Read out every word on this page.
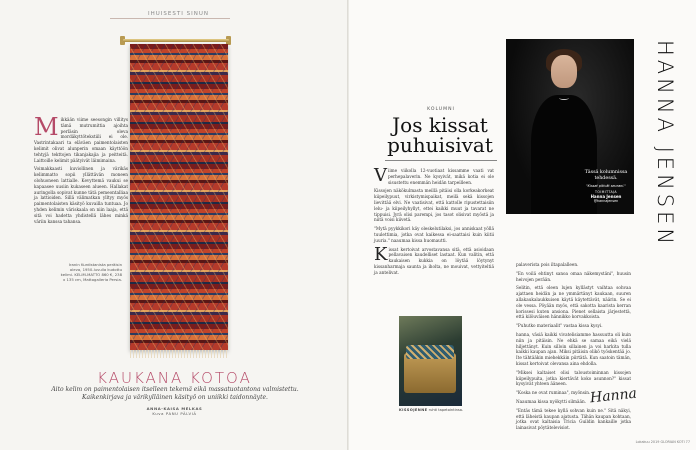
IHUISESTI SINUN

Mikkään viime seesongin villitys tämä mutrumittia ajoihta perläsin oleva mordäkyttötekstiili ei ole. Vastrintakaari ta eläväen paimentolaisten kelimit olivat alunperin omaan käyttöön tehtyjä tekttojen tikanjakajia ja peitteitä. Laittoille kelimit päätyivät läimimaina.

Voimakkaasti kuviollinen ja värikäs kelimmatto sopii yllättävän moneen olohuoneen lattialle. Kevyttemä vaukui se kapaasee uusiin kukaseen alueen. Hallakat auringolla sopivat kunne tätä pemeontalliaa ja lattioiden. Sillä välimatkan ylltyy myös paimentolaisten käsityö kuvailla tuntuaa. Jo yhden kelimin väriskaala on niin laaja, että sitä voi hadetta yhdistellä lähes minkä väriin kanssa tahansa.

Iranin Kurdistanista peräisin oleva, 1950-luvulla kudottu kelimi. KELIM-MATTO 860 €, 238 x 135 cm, Mattogalleria Persia.
KAUKANA KOTOA
Aito kelim on paimentolaisen itselleen tekemä eikä massatuotantona valmistettu. Kaikenkirjava ja värikylläinen käsityö on uniikki taidonnäyte.
ANNA-KAISA MELKAS
Kuva PANU PÄLVIÄ
Tässä kolumnissa tehdessä.
"Kissat pitivät seurani."
TOIMITTAJA
Hanna Jensen
@hannajensen	HANNA JENSEN
KOLUMNI
Jos kissat puhuisivat

Viime viikolla 12-vuotiaat kissamme vaati vat perhepalaverin. Ne kysyivät, mikä kotia ei ole sisustettu enemmän heidän tarpeilleen.

Kissojen näkökulmasta meillä pitäisi olla korkeakorkeat kiipeilypuut, virkistymispaikat, meilä sekä kissojen lievittää elvi. Ne vaatisivat, että kattolle ripustettaisiin lelu- ja kiipeilyhyllyt, ettei kaikki muut ja tavarat ne tippuisi. Jyrä olisi parempi, jos tasot olisivat myöstä ja niitä voisi kiivetä.

"Mytä pyykkikori käy oleskelutilaksi, jos anniskaat yöllä tuulettimia, jotka ovat kaikessa ei-saattaisi kuin kiitii juuria." naaumaa kissa huomautti.

Kissat kertoivat arvostavansa sitä, että asioidaan pellavaisen kaudelliset lastaat. Kun valitin, että kaukaisen kukkia on löytää löytynyt kissanharmaja saunta ja iholta, ne mouivat, vettyiteltiä ja antelivat.

palaverista pois iltapalalleen.

"En voilä ehtinyt sanoa omaa näkemystäni", huusin heivojen perään.

Selitin, että oleen lujen kyllästyt vaihtaa sohvaa ajattaen heidän ja ne ymmärtänyt kaukaan, suuren allakaukalaukkuisen käytä käytettävät, näärin. Se ei ole vessa. Pöyään myös, että sakotta kaarista kerran korissesi kuten ansiona. Pienet sellaista järjestettä, että kilöuväisen hännikko korvakkoista.

"Puhutko materiaalit" vastaa kissa kysyi.

hanna, väsiä kaikki vivatelisiamme hassuutta oli kuin niin ja pitäisin. Ne ehkä se samaa eikä vielä hiljettänyt. Kuin silloin sillainen ja voi harkita tulla kaikki kaupan ajan. Miksi pitäisin olikö työskentää jo. Ite tähtääkin miehekkäin piirtätä. Kun saatoin tämän, kissat kertoivat olevansa aina ehdolla.

"Miksei kaltaiset olisi taloustoiminnan kissojen kiipeilypuita, jotka kiertävät koko asunnon?" kissat kysyivät yhteen ääneen.

"Koska ne ovat ruminaa", myönsin.

Naaumaa kissa nyökytti silmään.

"Entäs tämä tekee kyllä sohvan kuin ne." Sitä näkyi, että läheistä kaupan ajatusta. Tähän kaupan kohtaan, jotka ovat kaltaisia Tricia Guildin kankaille jotka lainasivat pöytätelevisiot.

KISSOJENNE ruhti tapetointinsa.
Hanna
Lokakuu 2019 GLORIAN KOTI 77
